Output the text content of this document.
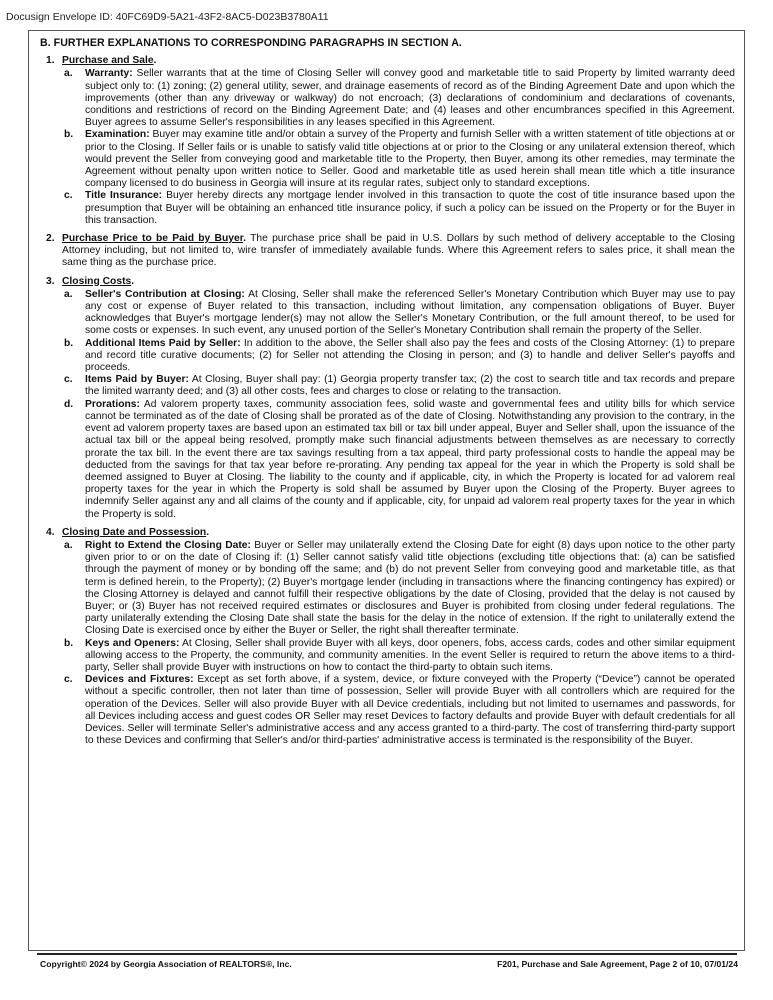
Docusign Envelope ID: 40FC69D9-5A21-43F2-8AC5-D023B3780A11
B. FURTHER EXPLANATIONS TO CORRESPONDING PARAGRAPHS IN SECTION A.
1. Purchase and Sale.
a. Warranty: Seller warrants that at the time of Closing Seller will convey good and marketable title to said Property by limited warranty deed subject only to: (1) zoning; (2) general utility, sewer, and drainage easements of record as of the Binding Agreement Date and upon which the improvements (other than any driveway or walkway) do not encroach; (3) declarations of condominium and declarations of covenants, conditions and restrictions of record on the Binding Agreement Date; and (4) leases and other encumbrances specified in this Agreement. Buyer agrees to assume Seller's responsibilities in any leases specified in this Agreement.
b. Examination: Buyer may examine title and/or obtain a survey of the Property and furnish Seller with a written statement of title objections at or prior to the Closing. If Seller fails or is unable to satisfy valid title objections at or prior to the Closing or any unilateral extension thereof, which would prevent the Seller from conveying good and marketable title to the Property, then Buyer, among its other remedies, may terminate the Agreement without penalty upon written notice to Seller. Good and marketable title as used herein shall mean title which a title insurance company licensed to do business in Georgia will insure at its regular rates, subject only to standard exceptions.
c. Title Insurance: Buyer hereby directs any mortgage lender involved in this transaction to quote the cost of title insurance based upon the presumption that Buyer will be obtaining an enhanced title insurance policy, if such a policy can be issued on the Property or for the Buyer in this transaction.
2. Purchase Price to be Paid by Buyer. The purchase price shall be paid in U.S. Dollars by such method of delivery acceptable to the Closing Attorney including, but not limited to, wire transfer of immediately available funds. Where this Agreement refers to sales price, it shall mean the same thing as the purchase price.
3. Closing Costs.
a. Seller's Contribution at Closing: At Closing, Seller shall make the referenced Seller's Monetary Contribution which Buyer may use to pay any cost or expense of Buyer related to this transaction, including without limitation, any compensation obligations of Buyer. Buyer acknowledges that Buyer's mortgage lender(s) may not allow the Seller's Monetary Contribution, or the full amount thereof, to be used for some costs or expenses. In such event, any unused portion of the Seller's Monetary Contribution shall remain the property of the Seller.
b. Additional Items Paid by Seller: In addition to the above, the Seller shall also pay the fees and costs of the Closing Attorney: (1) to prepare and record title curative documents; (2) for Seller not attending the Closing in person; and (3) to handle and deliver Seller's payoffs and proceeds.
c. Items Paid by Buyer: At Closing, Buyer shall pay: (1) Georgia property transfer tax; (2) the cost to search title and tax records and prepare the limited warranty deed; and (3) all other costs, fees and charges to close or relating to the transaction.
d. Prorations: Ad valorem property taxes, community association fees, solid waste and governmental fees and utility bills for which service cannot be terminated as of the date of Closing shall be prorated as of the date of Closing. Notwithstanding any provision to the contrary, in the event ad valorem property taxes are based upon an estimated tax bill or tax bill under appeal, Buyer and Seller shall, upon the issuance of the actual tax bill or the appeal being resolved, promptly make such financial adjustments between themselves as are necessary to correctly prorate the tax bill. In the event there are tax savings resulting from a tax appeal, third party professional costs to handle the appeal may be deducted from the savings for that tax year before re-prorating. Any pending tax appeal for the year in which the Property is sold shall be deemed assigned to Buyer at Closing. The liability to the county and if applicable, city, in which the Property is located for ad valorem real property taxes for the year in which the Property is sold shall be assumed by Buyer upon the Closing of the Property. Buyer agrees to indemnify Seller against any and all claims of the county and if applicable, city, for unpaid ad valorem real property taxes for the year in which the Property is sold.
4. Closing Date and Possession.
a. Right to Extend the Closing Date: Buyer or Seller may unilaterally extend the Closing Date for eight (8) days upon notice to the other party given prior to or on the date of Closing if: (1) Seller cannot satisfy valid title objections (excluding title objections that: (a) can be satisfied through the payment of money or by bonding off the same; and (b) do not prevent Seller from conveying good and marketable title, as that term is defined herein, to the Property); (2) Buyer's mortgage lender (including in transactions where the financing contingency has expired) or the Closing Attorney is delayed and cannot fulfill their respective obligations by the date of Closing, provided that the delay is not caused by Buyer; or (3) Buyer has not received required estimates or disclosures and Buyer is prohibited from closing under federal regulations. The party unilaterally extending the Closing Date shall state the basis for the delay in the notice of extension. If the right to unilaterally extend the Closing Date is exercised once by either the Buyer or Seller, the right shall thereafter terminate.
b. Keys and Openers: At Closing, Seller shall provide Buyer with all keys, door openers, fobs, access cards, codes and other similar equipment allowing access to the Property, the community, and community amenities. In the event Seller is required to return the above items to a third-party, Seller shall provide Buyer with instructions on how to contact the third-party to obtain such items.
c. Devices and Fixtures: Except as set forth above, if a system, device, or fixture conveyed with the Property (“Device”) cannot be operated without a specific controller, then not later than time of possession, Seller will provide Buyer with all controllers which are required for the operation of the Devices. Seller will also provide Buyer with all Device credentials, including but not limited to usernames and passwords, for all Devices including access and guest codes OR Seller may reset Devices to factory defaults and provide Buyer with default credentials for all Devices. Seller will terminate Seller's administrative access and any access granted to a third-party. The cost of transferring third-party support to these Devices and confirming that Seller's and/or third-parties' administrative access is terminated is the responsibility of the Buyer.
Copyright© 2024 by Georgia Association of REALTORS®, Inc.	F201, Purchase and Sale Agreement, Page 2 of 10, 07/01/24
